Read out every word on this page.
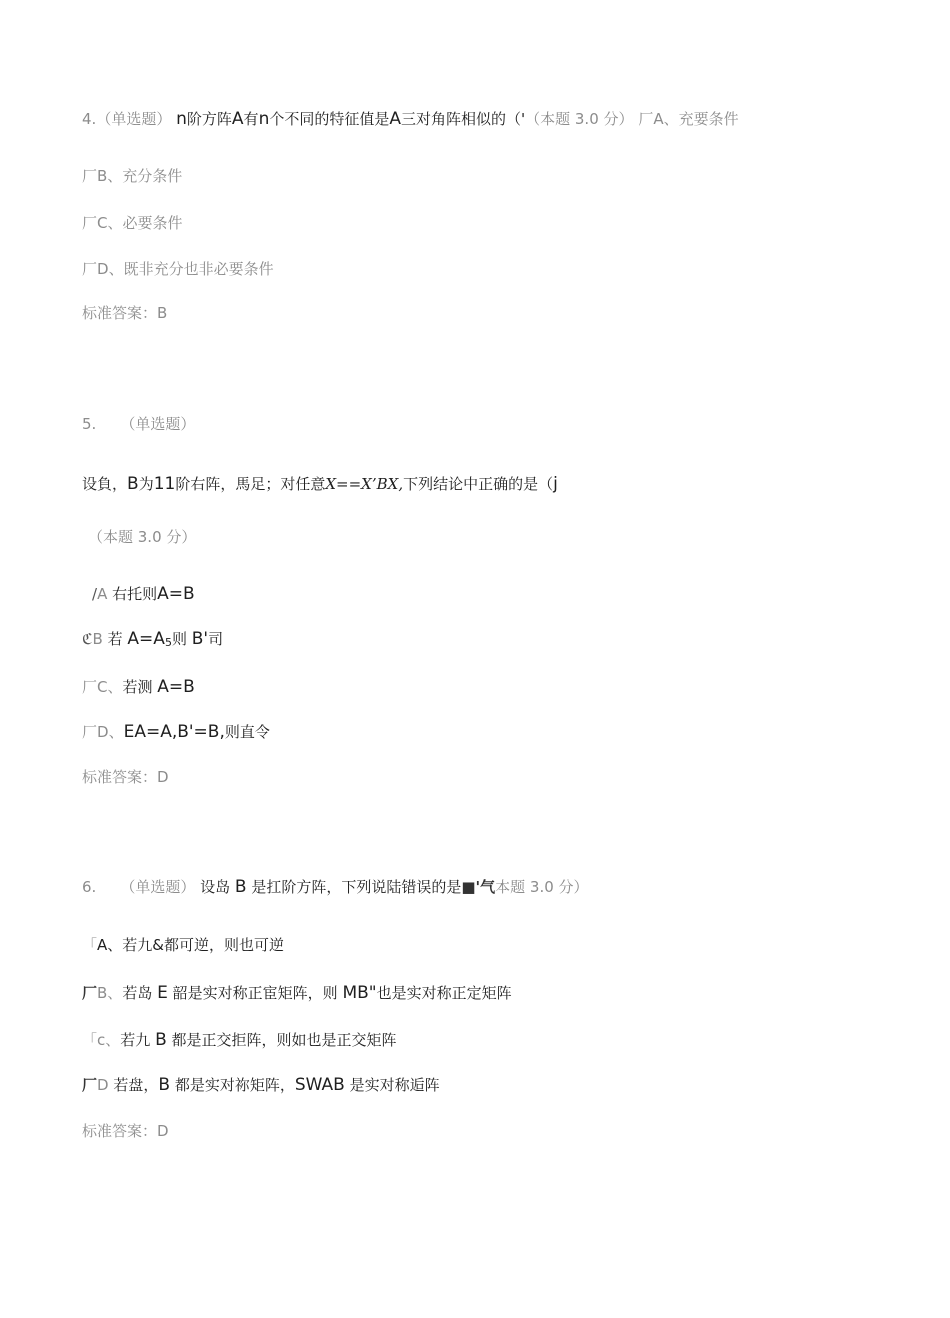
4.（单选题） n阶方阵A有n个不同的特征值是A三对角阵相似的（'（本题 3.0 分） 厂A、充要条件
厂B、充分条件
厂C、必要条件
厂D、既非充分也非必要条件
标准答案：B
5. （单选题）
设負，B为11阶右阵，馬足；对任意X==X’BX,下列结论中正确的是（j
（本题 3.0 分）
/A 右托则A=B
ℭB 若 A=A5则 B'司
厂C、若测 A=B
厂D、EA=A,B'=B,则直令
标准答案：D
6. （单选题） 设岛 B 是扛阶方阵，下列说陆错误的是■'气本题 3.0 分）
「A、若九&都可逆，则也可逆
厂B、若岛 E 韶是实对称正宦矩阵，则 MB"也是实对称正定矩阵
「c、若九 B 都是正交拒阵，则如也是正交矩阵
厂D 若盘，B 都是实对祢矩阵，SWAB 是实对称逅阵
标准答案：D
